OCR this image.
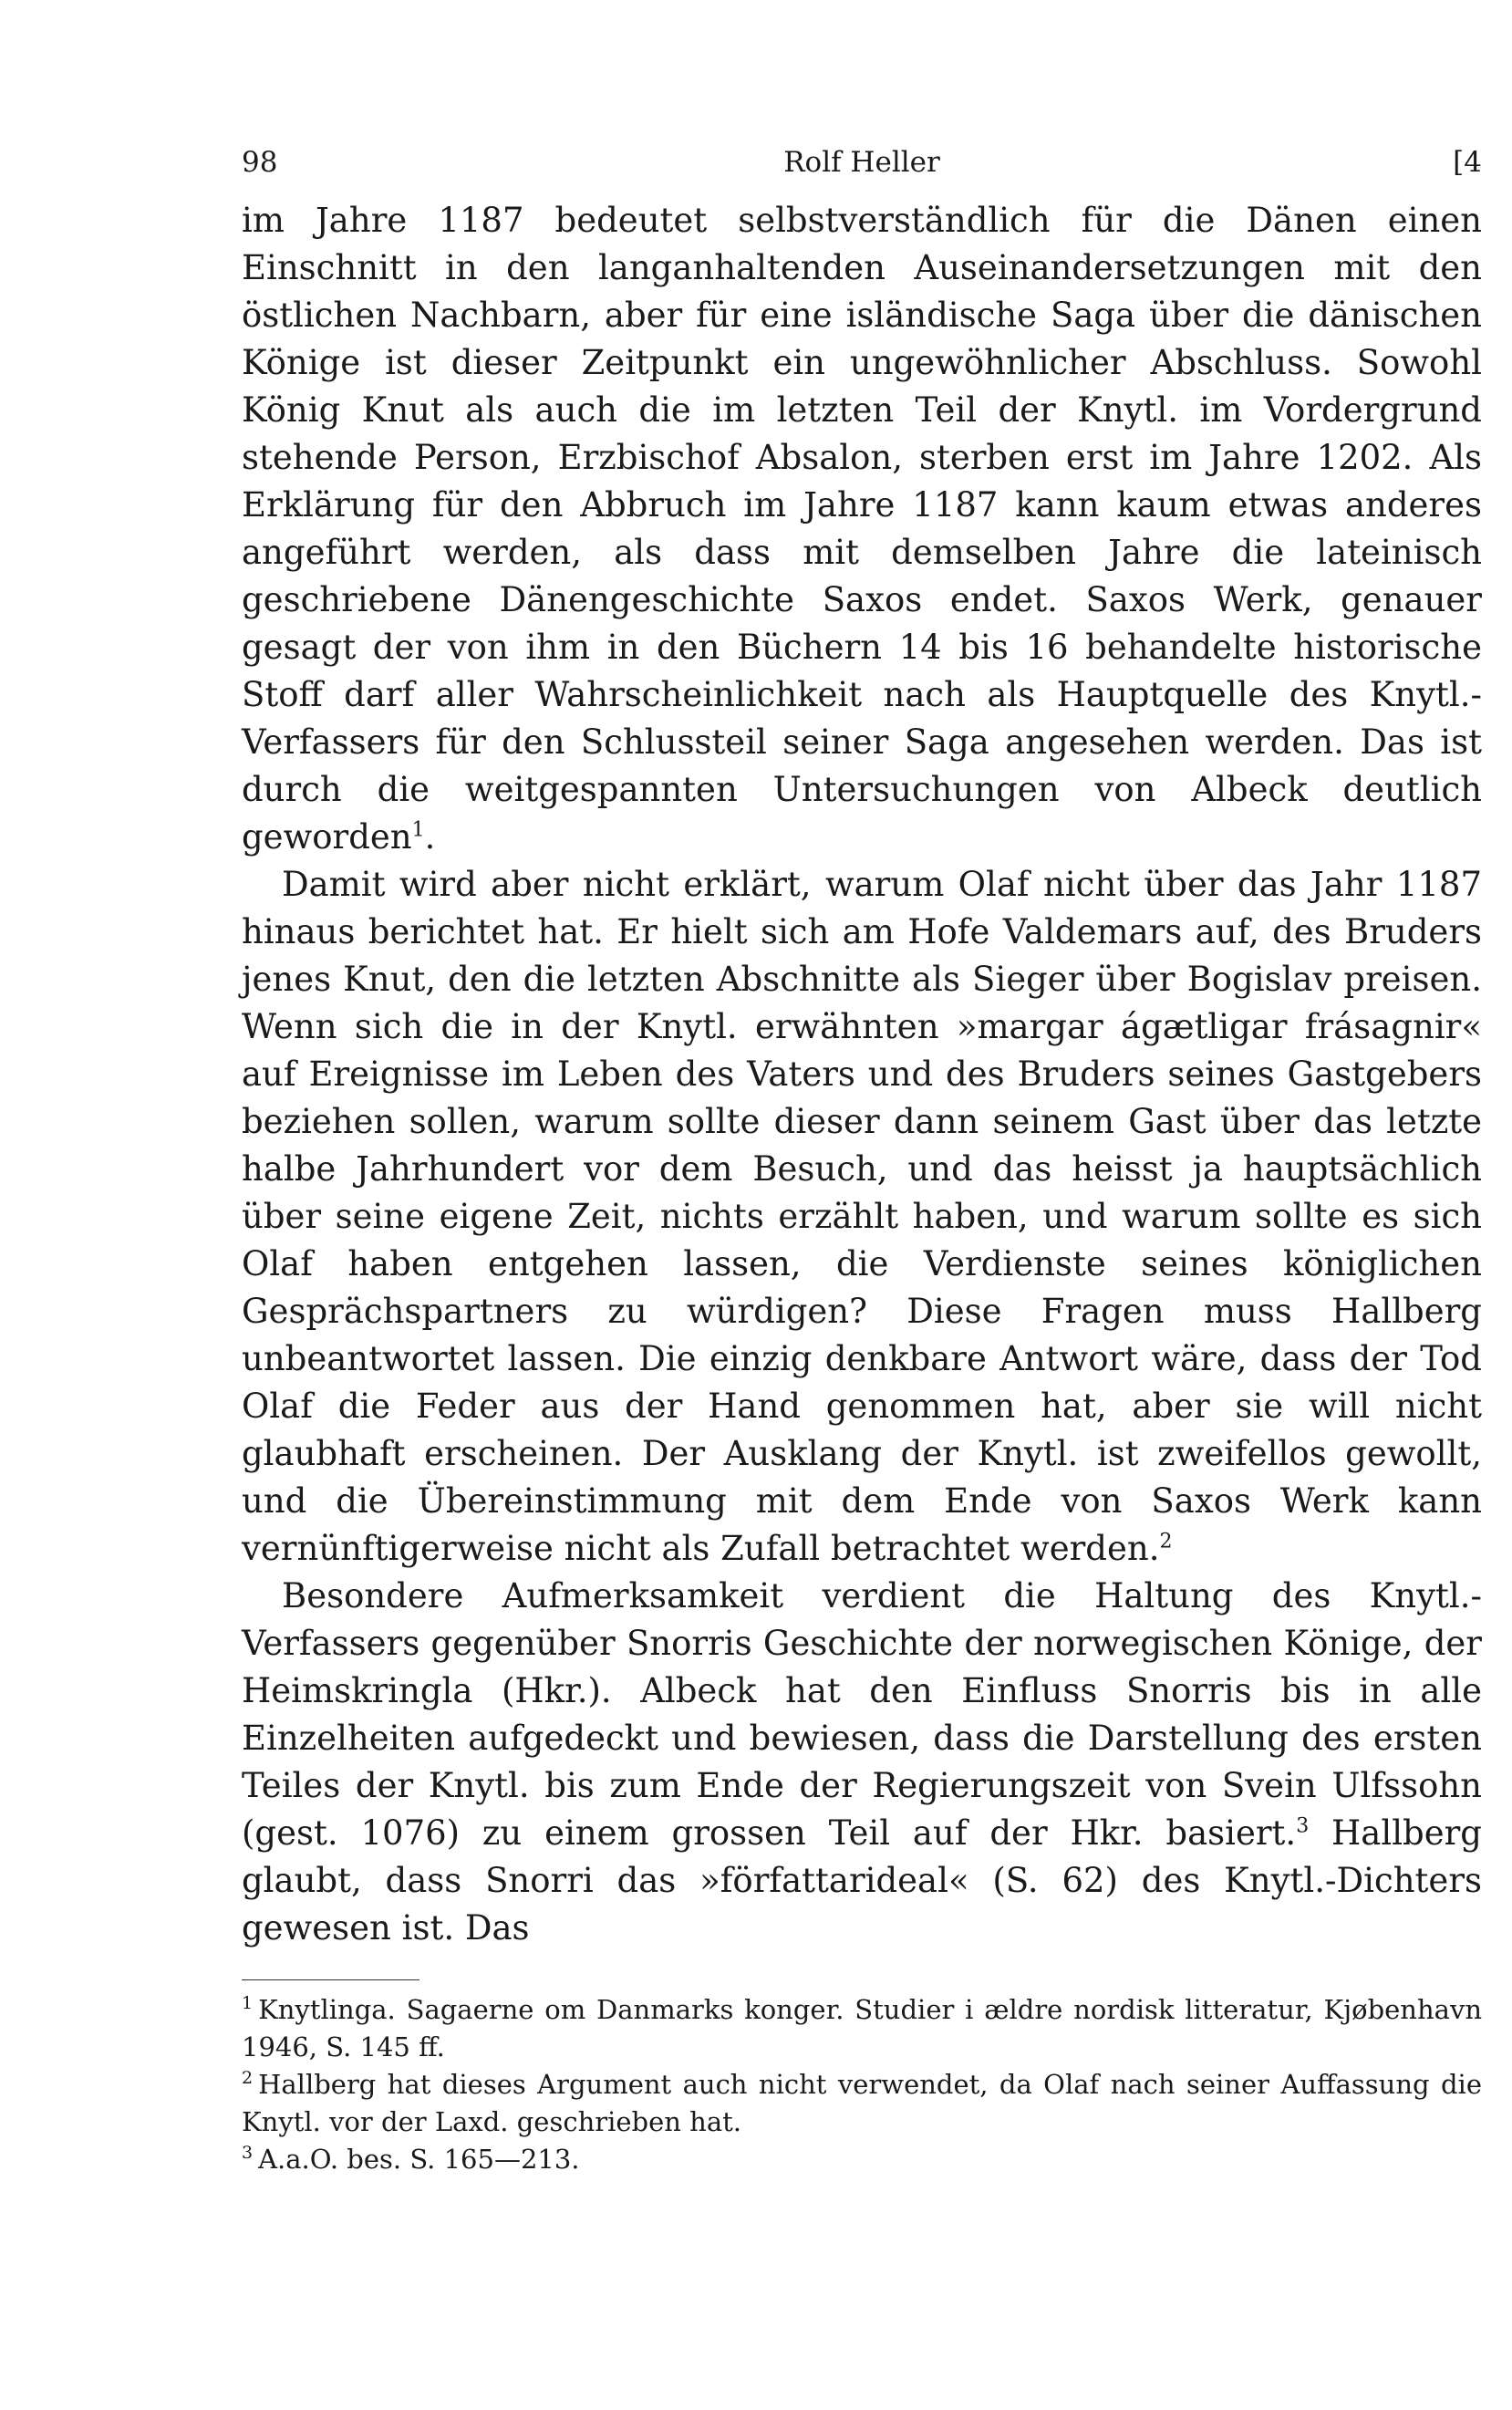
98	Rolf Heller	[4

im Jahre 1187 bedeutet selbstverständlich für die Dänen einen Einschnitt in den langanhaltenden Auseinandersetzungen mit den östlichen Nachbarn, aber für eine isländische Saga über die dänischen Könige ist dieser Zeitpunkt ein ungewöhnlicher Abschluss. Sowohl König Knut als auch die im letzten Teil der Knytl. im Vordergrund stehende Person, Erzbischof Absalon, sterben erst im Jahre 1202. Als Erklärung für den Abbruch im Jahre 1187 kann kaum etwas anderes angeführt werden, als dass mit demselben Jahre die lateinisch geschriebene Dänengeschichte Saxos endet. Saxos Werk, genauer gesagt der von ihm in den Büchern 14 bis 16 behandelte historische Stoff darf aller Wahrscheinlichkeit nach als Hauptquelle des Knytl.-Verfassers für den Schlussteil seiner Saga angesehen werden. Das ist durch die weitgespannten Untersuchungen von Albeck deutlich geworden$^1$.

Damit wird aber nicht erklärt, warum Olaf nicht über das Jahr 1187 hinaus berichtet hat. Er hielt sich am Hofe Valdemars auf, des Bruders jenes Knut, den die letzten Abschnitte als Sieger über Bogislav preisen. Wenn sich die in der Knytl. erwähnten »margar ágætligar frásagnir« auf Ereignisse im Leben des Vaters und des Bruders seines Gastgebers beziehen sollen, warum sollte dieser dann seinem Gast über das letzte halbe Jahrhundert vor dem Besuch, und das heisst ja hauptsächlich über seine eigene Zeit, nichts erzählt haben, und warum sollte es sich Olaf haben entgehen lassen, die Verdienste seines königlichen Gesprächspartners zu würdigen? Diese Fragen muss Hallberg unbeantwortet lassen. Die einzig denkbare Antwort wäre, dass der Tod Olaf die Feder aus der Hand genommen hat, aber sie will nicht glaubhaft erscheinen. Der Ausklang der Knytl. ist zweifellos gewollt, und die Übereinstimmung mit dem Ende von Saxos Werk kann vernünftigerweise nicht als Zufall betrachtet werden.$^2$

Besondere Aufmerksamkeit verdient die Haltung des Knytl.-Verfassers gegenüber Snorris Geschichte der norwegischen Könige, der Heimskringla (Hkr.). Albeck hat den Einfluss Snorris bis in alle Einzelheiten aufgedeckt und bewiesen, dass die Darstellung des ersten Teiles der Knytl. bis zum Ende der Regierungszeit von Svein Ulfssohn (gest. 1076) zu einem grossen Teil auf der Hkr. basiert.$^3$ Hallberg glaubt, dass Snorri das »författarideal« (S. 62) des Knytl.-Dichters gewesen ist. Das

$^1$ Knytlinga. Sagaerne om Danmarks konger. Studier i ældre nordisk litteratur, Kjøbenhavn 1946, S. 145 ff.

$^2$ Hallberg hat dieses Argument auch nicht verwendet, da Olaf nach seiner Auffassung die Knytl. vor der Laxd. geschrieben hat.

$^3$ A.a.O. bes. S. 165—213.
